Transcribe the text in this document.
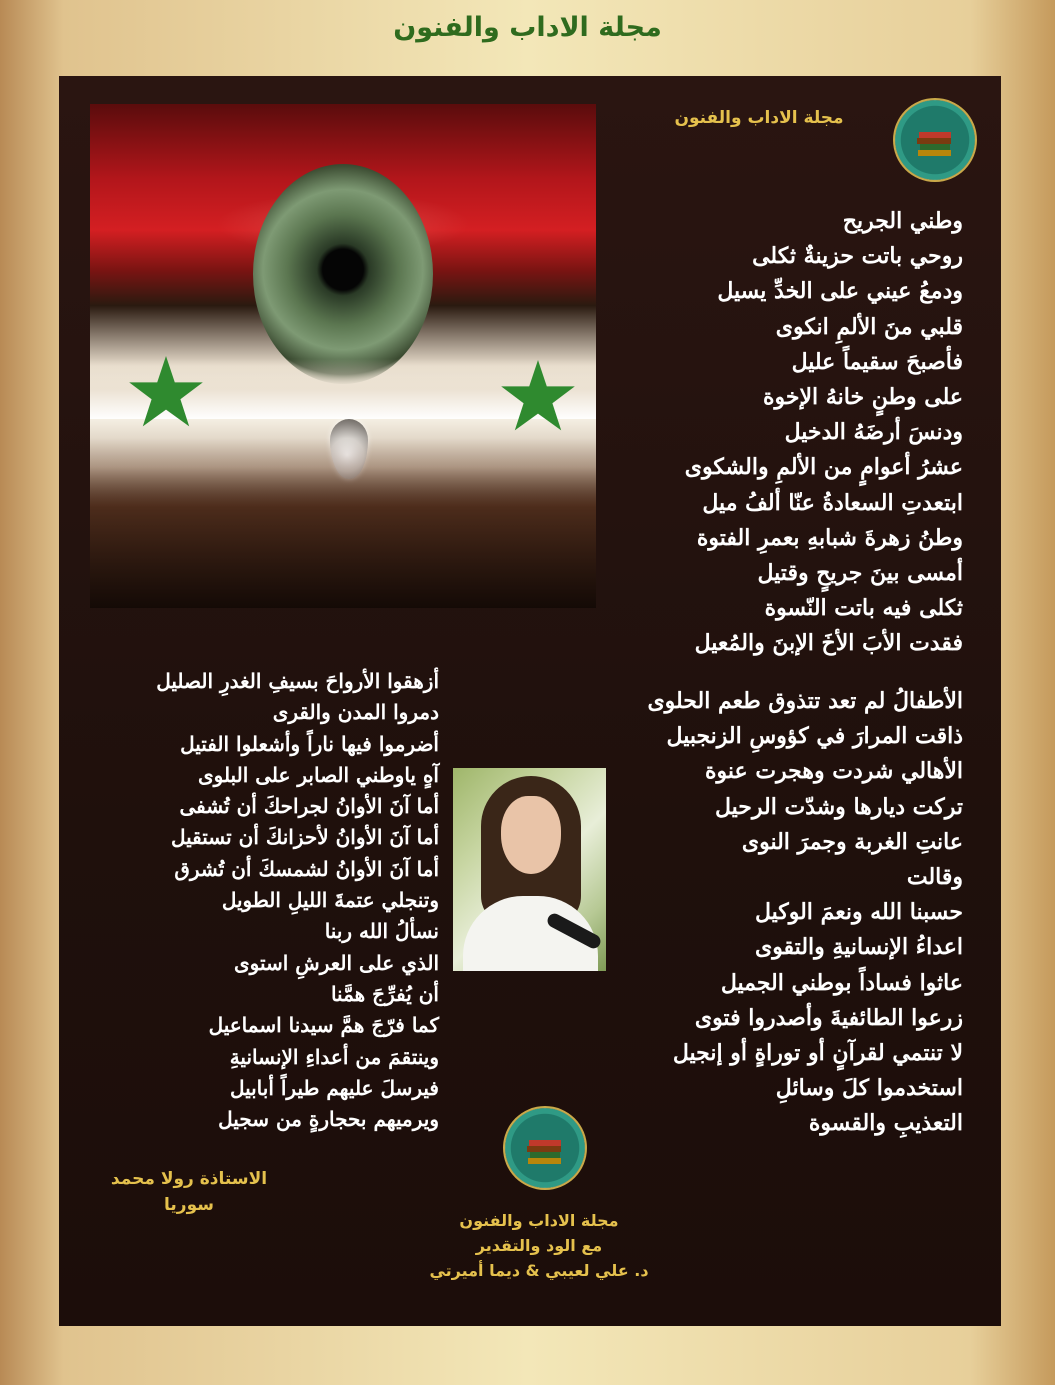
مجلة الاداب والفنون
مجلة الاداب والفنون
وطني الجريح
روحي باتت حزينةٌ ثكلى
ودمعُ عيني على الخدِّ يسيل
قلبي منَ الألمِ انكوى
فأصبحَ سقيماً عليل
على وطنٍ خانهُ الإخوة
ودنسَ أرضَهُ الدخيل
عشرُ أعوامٍ من الألمِ والشكوى
ابتعدتِ السعادةُ عنّا ألفُ ميل
وطنُ زهرةَ شبابهِ بعمرِ الفتوة
أمسى بينَ جريحٍ وقتيل
ثكلى فيه باتت النّسوة
فقدت الأبَ الأخَ الإبنَ والمُعيل
الأطفالُ لم تعد تتذوق طعم الحلوى
ذاقت المرارَ في كؤوسِ الزنجبيل
الأهالي شردت وهجرت عنوة
تركت ديارها وشدّت الرحيل
عانتِ الغربة وجمرَ النوى
وقالت
حسبنا الله ونعمَ الوكيل
اعداءُ الإنسانيةِ والتقوى
عاثوا فساداً بوطني الجميل
زرعوا الطائفيةَ وأصدروا فتوى
لا تنتمي لقرآنٍ أو توراةٍ أو إنجيل
استخدموا كلَ وسائلِ
التعذيبِ والقسوة
أزهقوا الأرواحَ بسيفِ الغدرِ الصليل
دمروا المدن والقرى
أضرموا فيها ناراً وأشعلوا الفتيل
آهٍ ياوطني الصابر على البلوى
أما آنَ الأوانُ لجراحكَ أن تُشفى
أما آنَ الأوانُ لأحزانكَ أن تستقيل
أما آنَ الأوانُ لشمسكَ أن تُشرق
وتنجلي عتمةَ الليلِ الطويل
نسألُ الله ربنا
الذي على العرشِ استوى
أن يُفرِّجَ همَّنا
كما فرّجَ همَّ سيدنا اسماعيل
وينتقمَ من أعداءِ الإنسانيةِ
فيرسلَ عليهم طيراً أبابيل
ويرميهم بحجارةٍ من سجيل
الاستاذة رولا محمد
سوريا
مجلة الاداب والفنون
مع الود والتقدير
د. علي لعيبي & ديما أميرتي
